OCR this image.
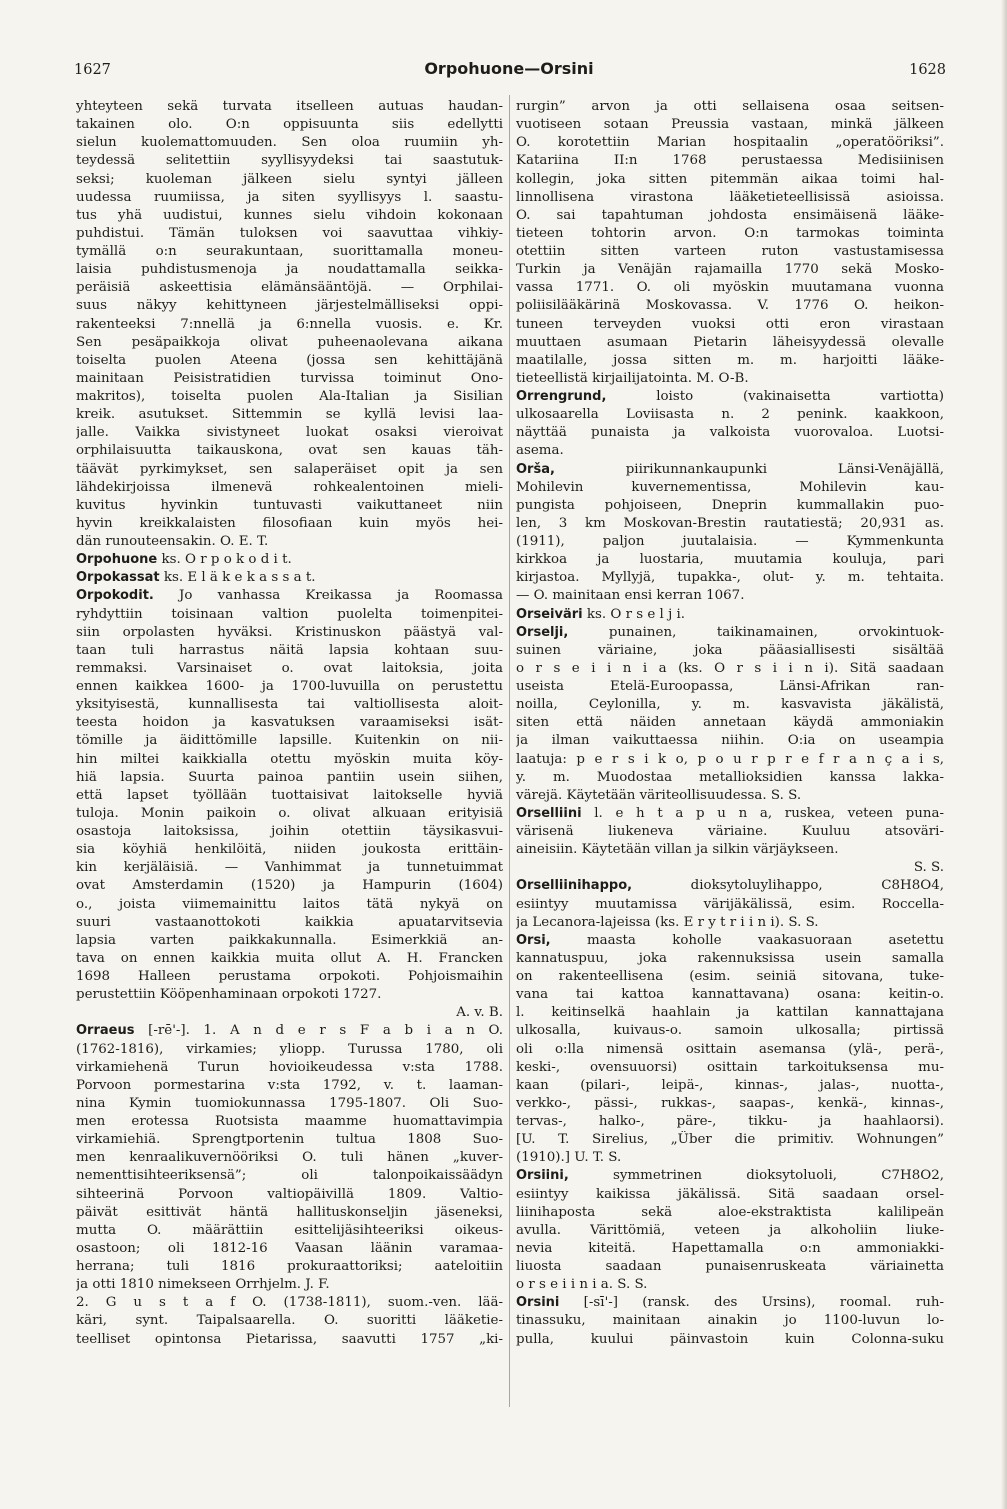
1627	Orpohuone—Orsini	1628
yhteyteen sekä turvata itselleen autuas haudan-
takainen olo. O:n oppisuunta siis edellytti
sielun kuolemattomuuden. Sen oloa ruumiin yh-
teydessä selitettiin syyllisyydeksi tai saastutuk-
seksi; kuoleman jälkeen sielu syntyi jälleen
uudessa ruumiissa, ja siten syyllisyys l. saastu-
tus yhä uudistui, kunnes sielu vihdoin kokonaan
puhdistui. Tämän tuloksen voi saavuttaa vihkiy-
tymällä o:n seurakuntaan, suorittamalla moneu-
laisia puhdistusmenoja ja noudattamalla seikka-
peräisiä askeettisia elämänsääntöjä. — Orphilai-
suus näkyy kehittyneen järjestelmälliseksi oppi-
rakenteeksi 7:nnellä ja 6:nnella vuosis. e. Kr.
Sen pesäpaikkoja olivat puheenaolevana aikana
toiselta puolen Ateena (jossa sen kehittäjänä
mainitaan Peisistratidien turvissa toiminut Ono-
makritos), toiselta puolen Ala-Italian ja Sisilian
kreik. asutukset. Sittemmin se kyllä levisi laa-
jalle. Vaikka sivistyneet luokat osaksi vieroivat
orphilaisuutta taikauskona, ovat sen kauas täh-
täävät pyrkimykset, sen salaperäiset opit ja sen
lähdekirjoissa ilmenevä rohkealentoinen mieli-
kuvitus hyvinkin tuntuvasti vaikuttaneet niin
hyvin kreikkalaisten filosofiaan kuin myös hei-
dän runouteensakin. O. E. T.
Orpohuone ks. O r p o k o d i t.
Orpokassat ks. E l ä k e k a s s a t.
Orpokodit. Jo vanhassa Kreikassa ja Roomassa
ryhdyttiin toisinaan valtion puolelta toimenpitei-
siin orpolasten hyväksi. Kristinuskon päästyä val-
taan tuli harrastus näitä lapsia kohtaan suu-
remmaksi. Varsinaiset o. ovat laitoksia, joita
ennen kaikkea 1600- ja 1700-luvuilla on perustettu
yksityisestä, kunnallisesta tai valtiollisesta aloit-
teesta hoidon ja kasvatuksen varaamiseksi isät-
tömille ja äidittömille lapsille. Kuitenkin on nii-
hin miltei kaikkialla otettu myöskin muita köy-
hiä lapsia. Suurta painoa pantiin usein siihen,
että lapset työllään tuottaisivat laitokselle hyviä
tuloja. Monin paikoin o. olivat alkuaan erityisiä
osastoja laitoksissa, joihin otettiin täysikasvui-
sia köyhiä henkilöitä, niiden joukosta erittäin-
kin kerjäläisiä. — Vanhimmat ja tunnetuimmat
ovat Amsterdamin (1520) ja Hampurin (1604)
o., joista viimemainittu laitos tätä nykyä on
suuri vastaanottokoti kaikkia apuatarvitsevia
lapsia varten paikkakunnalla. Esimerkkiä an-
tava on ennen kaikkia muita ollut A. H. Francken
1698 Halleen perustama orpokoti. Pohjoismaihin
perustettiin Kööpenhaminaan orpokoti 1727.
A. v. B.
Orraeus [-rē'-]. 1. A n d e r s F a b i a n O.
(1762-1816), virkamies; yliopp. Turussa 1780, oli
virkamiehenä Turun hovioikeudessa v:sta 1788.
Porvoon pormestarina v:sta 1792, v. t. laaman-
nina Kymin tuomiokunnassa 1795-1807. Oli Suo-
men erotessa Ruotsista maamme huomattavimpia
virkamiehiä. Sprengtportenin tultua 1808 Suo-
men kenraalikuvernööriksi O. tuli hänen „kuver-
nementtisihteeriksensä”; oli talonpoikaissäädyn
sihteerinä Porvoon valtiopäivillä 1809. Valtio-
päivät esittivät häntä hallituskonseljin jäseneksi,
mutta O. määrättiin esittelijäsihteeriksi oikeus-
osastoon; oli 1812-16 Vaasan läänin varamaa-
herrana; tuli 1816 prokuraattoriksi; aateloitiin
ja otti 1810 nimekseen Orrhjelm. J. F.
2. G u s t a f O. (1738-1811), suom.-ven. lää-
käri, synt. Taipalsaarella. O. suoritti lääketie-
teelliset opintonsa Pietarissa, saavutti 1757 „ki-
rurgin” arvon ja otti sellaisena osaa seitsen-
vuotiseen sotaan Preussia vastaan, minkä jälkeen
O. korotettiin Marian hospitaalin „operatööriksi”.
Katariina II:n 1768 perustaessa Medisiinisen
kollegin, joka sitten pitemmän aikaa toimi hal-
linnollisena virastona lääketieteellisissä asioissa.
O. sai tapahtuman johdosta ensimäisenä lääke-
tieteen tohtorin arvon. O:n tarmokas toiminta
otettiin sitten varteen ruton vastustamisessa
Turkin ja Venäjän rajamailla 1770 sekä Mosko-
vassa 1771. O. oli myöskin muutamana vuonna
poliisilääkärinä Moskovassa. V. 1776 O. heikon-
tuneen terveyden vuoksi otti eron virastaan
muuttaen asumaan Pietarin läheisyydessä olevalle
maatilalle, jossa sitten m. m. harjoitti lääke-
tieteellistä kirjailijatointa. M. O-B.
Orrengrund, loisto (vakinaisetta vartiotta)
ulkosaarella Loviisasta n. 2 penink. kaakkoon,
näyttää punaista ja valkoista vuorovaloa. Luotsi-
asema.
Orša, piirikunnankaupunki Länsi-Venäjällä,
Mohilevin kuvernementissa, Mohilevin kau-
pungista pohjoiseen, Dneprin kummallakin puo-
len, 3 km Moskovan-Brestin rautatiestä; 20,931 as.
(1911), paljon juutalaisia. — Kymmenkunta
kirkkoa ja luostaria, muutamia kouluja, pari
kirjastoa. Myllyjä, tupakka-, olut- y. m. tehtaita.
— O. mainitaan ensi kerran 1067.
Orseiväri ks. O r s e l j i.
Orselji, punainen, taikinamainen, orvokintuok-
suinen väriaine, joka pääasiallisesti sisältää
o r s e i i n i a (ks. O r s i i n i). Sitä saadaan
useista Etelä-Euroopassa, Länsi-Afrikan ran-
noilla, Ceylonilla, y. m. kasvavista jäkälistä,
siten että näiden annetaan käydä ammoniakin
ja ilman vaikuttaessa niihin. O:ia on useampia
laatuja: p e r s i k o, p o u r p r e f r a n ç a i s,
y. m. Muodostaa metallioksidien kanssa lakka-
värejä. Käytetään väriteollisuudessa. S. S.
Orselliini l. e h t a p u n a, ruskea, veteen puna-
värisenä liukeneva väriaine. Kuuluu atsoväri-
aineisiin. Käytetään villan ja silkin värjäykseen.
S. S.
Orselliinihappo, dioksytoluylihappo, C8H8O4,
esiintyy muutamissa värijäkälissä, esim. Roccella-
ja Lecanora-lajeissa (ks. E r y t r i i n i). S. S.
Orsi, maasta koholle vaakasuoraan asetettu
kannatuspuu, joka rakennuksissa usein samalla
on rakenteellisena (esim. seiniä sitovana, tuke-
vana tai kattoa kannattavana) osana: keitin-o.
l. keitinselkä haahlain ja kattilan kannattajana
ulkosalla, kuivaus-o. samoin ulkosalla; pirtissä
oli o:lla nimensä osittain asemansa (ylä-, perä-,
keski-, ovensuuorsi) osittain tarkoituksensa mu-
kaan (pilari-, leipä-, kinnas-, jalas-, nuotta-,
verkko-, pässi-, rukkas-, saapas-, kenkä-, kinnas-,
tervas-, halko-, päre-, tikku- ja haahlaorsi).
[U. T. Sirelius, „Über die primitiv. Wohnungen”
(1910).] U. T. S.
Orsiini, symmetrinen dioksytoluoli, C7H8O2,
esiintyy kaikissa jäkälissä. Sitä saadaan orsel-
liinihaposta sekä aloe-ekstraktista kalilipeän
avulla. Värittömiä, veteen ja alkoholiin liuke-
nevia kiteitä. Hapettamalla o:n ammoniakki-
liuosta saadaan punaisenruskeata väriainetta
o r s e i i n i a. S. S.
Orsini [-sī'-] (ransk. des Ursins), roomal. ruh-
tinassuku, mainitaan ainakin jo 1100-luvun lo-
pulla, kuului päinvastoin kuin Colonna-suku
